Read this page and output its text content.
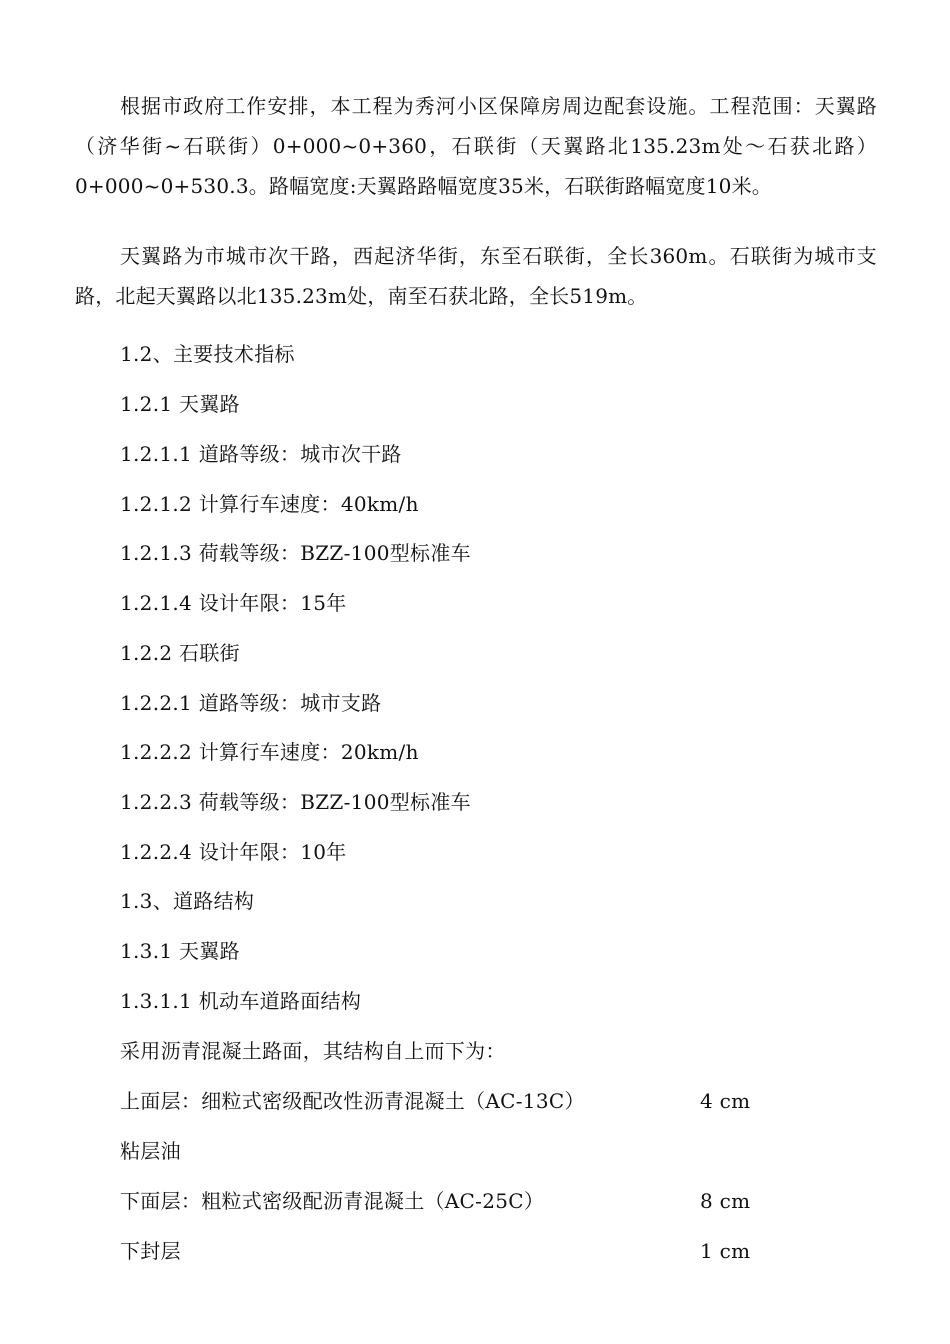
根据市政府工作安排，本工程为秀河小区保障房周边配套设施。工程范围：天翼路（济华街~石联街）0+000~0+360，石联街（天翼路北135.23m处～石获北路）0+000~0+530.3。路幅宽度:天翼路路幅宽度35米，石联街路幅宽度10米。

天翼路为市城市次干路，西起济华街，东至石联街，全长360m。石联街为城市支路，北起天翼路以北135.23m处，南至石获北路，全长519m。

1.2、主要技术指标

1.2.1 天翼路

1.2.1.1 道路等级：城市次干路

1.2.1.2 计算行车速度：40km/h

1.2.1.3 荷载等级：BZZ-100型标准车

1.2.1.4 设计年限：15年

1.2.2 石联街

1.2.2.1 道路等级：城市支路

1.2.2.2 计算行车速度：20km/h

1.2.2.3 荷载等级：BZZ-100型标准车

1.2.2.4 设计年限：10年

1.3、道路结构

1.3.1 天翼路

1.3.1.1 机动车道路面结构

采用沥青混凝土路面，其结构自上而下为：

上面层：细粒式密级配改性沥青混凝土（AC-13C）	4 cm
粘层油
下面层：粗粒式密级配沥青混凝土（AC-25C）	8 cm
下封层	1 cm
